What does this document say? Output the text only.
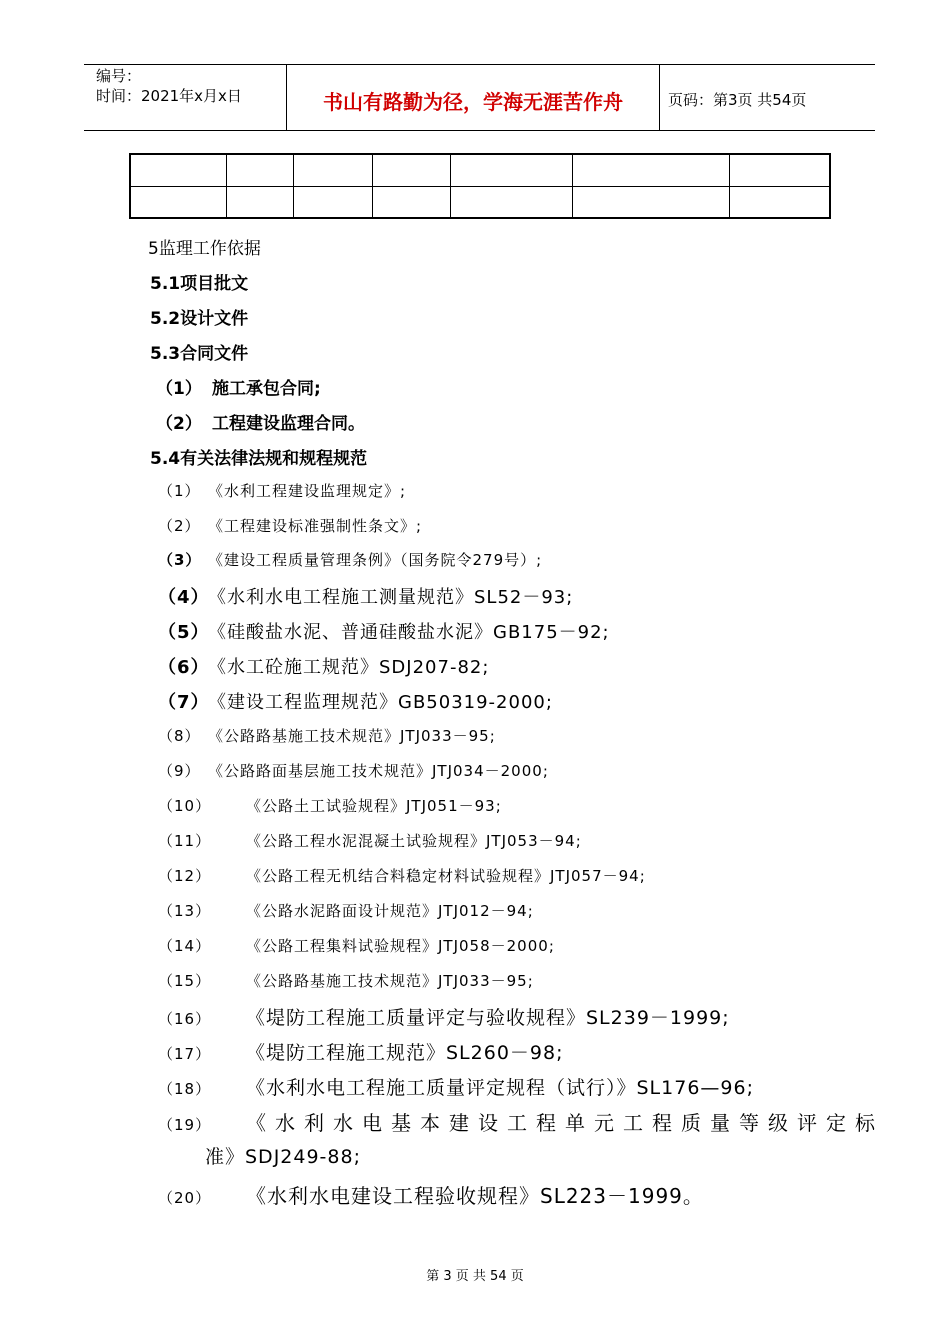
编号：
时间：2021年x月x日	书山有路勤为径，学海无涯苦作舟	页码：第3页 共54页

5监理工作依据
5.1项目批文
5.2设计文件
5.3合同文件
（1） 施工承包合同;
（2） 工程建设监理合同。
5.4有关法律法规和规程规范
（1） 《水利工程建设监理规定》;
（2） 《工程建设标准强制性条文》;
（3） 《建设工程质量管理条例》（国务院令279号）;
（4）《水利水电工程施工测量规范》SL52－93;
（5）《硅酸盐水泥、普通硅酸盐水泥》GB175－92;
（6）《水工砼施工规范》SDJ207-82;
（7）《建设工程监理规范》GB50319-2000;
（8） 《公路路基施工技术规范》JTJ033－95;
（9） 《公路路面基层施工技术规范》JTJ034－2000;
（10） 《公路土工试验规程》JTJ051－93;
（11） 《公路工程水泥混凝土试验规程》JTJ053－94;
（12） 《公路工程无机结合料稳定材料试验规程》JTJ057－94;
（13） 《公路水泥路面设计规范》JTJ012－94;
（14） 《公路工程集料试验规程》JTJ058－2000;
（15） 《公路路基施工技术规范》JTJ033－95;
（16） 《堤防工程施工质量评定与验收规程》SL239－1999;
（17） 《堤防工程施工规范》SL260－98;
（18） 《水利水电工程施工质量评定规程（试行）》SL176—96;
（19） 《水利水电基本建设工程单元工程质量等级评定标
准》SDJ249-88;
（20） 《水利水电建设工程验收规程》SL223－1999。
第 3 页 共 54 页
